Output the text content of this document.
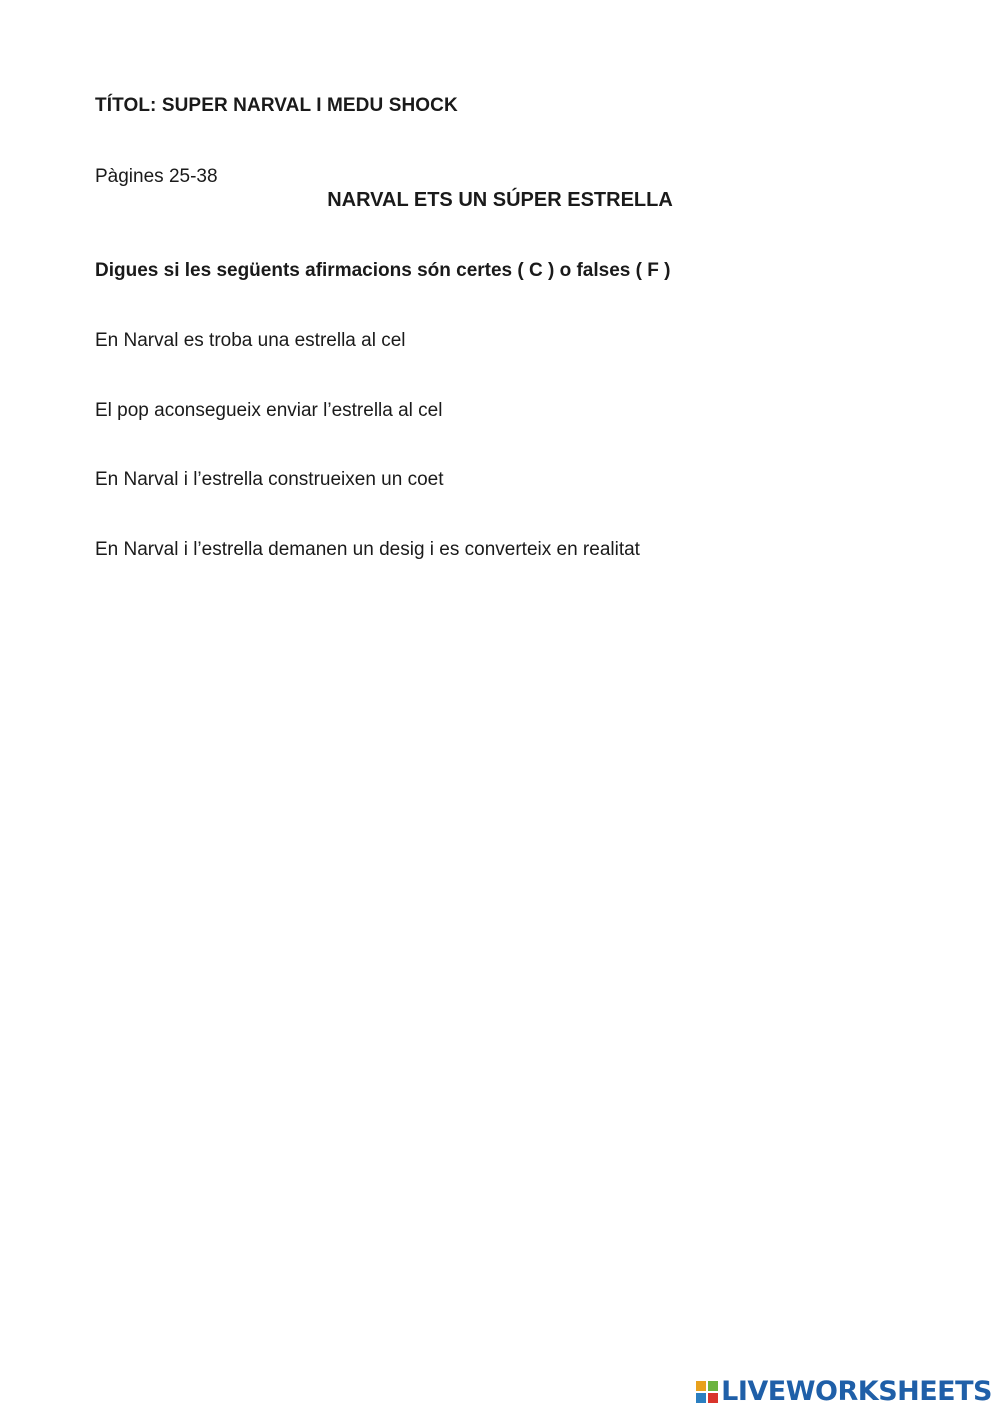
TÍTOL: SUPER NARVAL I MEDU SHOCK
Pàgines 25-38
NARVAL ETS UN SÚPER ESTRELLA
Digues si les següents afirmacions són certes ( C ) o falses ( F )
En Narval es troba una estrella al cel
El pop aconsegueix enviar l’estrella al cel
En Narval i l’estrella construeixen un coet
En Narval i l’estrella demanen un desig i es converteix en realitat
LIVEWORKSHEETS
